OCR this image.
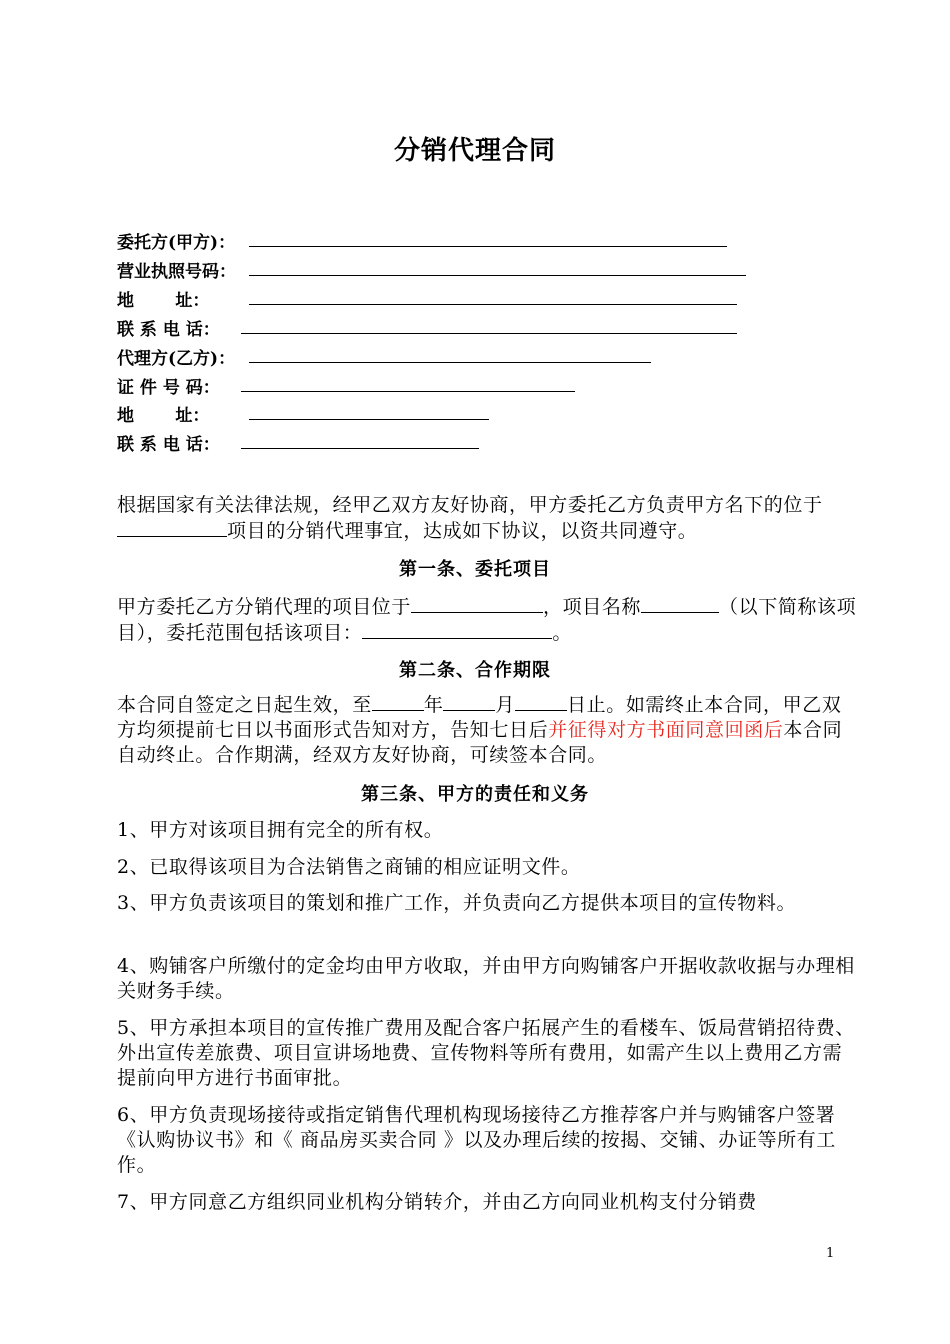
分销代理合同
委托方(甲方)：
营业执照号码：
地       址：
联 系 电 话：
代理方(乙方)：
证 件 号 码：
地       址：
联 系 电 话：
根据国家有关法律法规，经甲乙双方友好协商，甲方委托乙方负责甲方名下的位于项目的分销代理事宜，达成如下协议，以资共同遵守。
第一条、委托项目
甲方委托乙方分销代理的项目位于	，项目名称	（以下简称该项目），委托范围包括该项目：	。
第二条、合作期限
本合同自签定之日起生效，至	年	月	日止。如需终止本合同，甲乙双方均须提前七日以书面形式告知对方，告知七日后并征得对方书面同意回函后本合同自动终止。合作期满，经双方友好协商，可续签本合同。
第三条、甲方的责任和义务
1、甲方对该项目拥有完全的所有权。
2、已取得该项目为合法销售之商铺的相应证明文件。
3、甲方负责该项目的策划和推广工作，并负责向乙方提供本项目的宣传物料。
4、购铺客户所缴付的定金均由甲方收取，并由甲方向购铺客户开据收款收据与办理相关财务手续。
5、甲方承担本项目的宣传推广费用及配合客户拓展产生的看楼车、饭局营销招待费、外出宣传差旅费、项目宣讲场地费、宣传物料等所有费用，如需产生以上费用乙方需提前向甲方进行书面审批。
6、甲方负责现场接待或指定销售代理机构现场接待乙方推荐客户并与购铺客户签署《认购协议书》和《 商品房买卖合同 》以及办理后续的按揭、交铺、办证等所有工作。
7、甲方同意乙方组织同业机构分销转介，并由乙方向同业机构支付分销费
1
